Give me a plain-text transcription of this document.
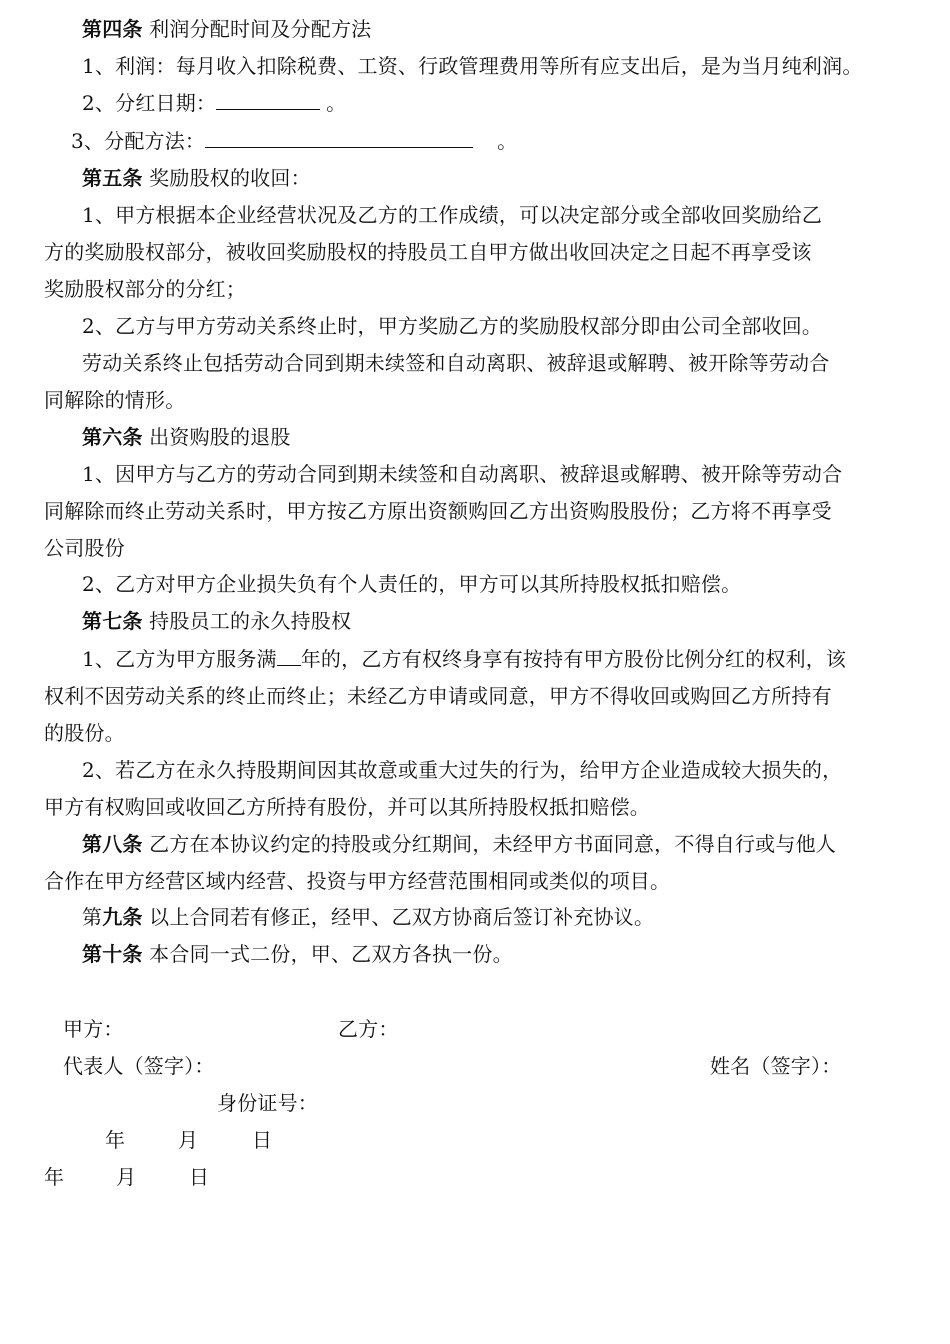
第四条 利润分配时间及分配方法
1、利润：每月收入扣除税费、工资、行政管理费用等所有应支出后，是为当月纯利润。
2、分红日期：	。
3、分配方法：	。
第五条 奖励股权的收回：
1、甲方根据本企业经营状况及乙方的工作成绩，可以决定部分或全部收回奖励给乙
方的奖励股权部分，被收回奖励股权的持股员工自甲方做出收回决定之日起不再享受该
奖励股权部分的分红；
2、乙方与甲方劳动关系终止时，甲方奖励乙方的奖励股权部分即由公司全部收回。
劳动关系终止包括劳动合同到期未续签和自动离职、被辞退或解聘、被开除等劳动合
同解除的情形。
第六条 出资购股的退股
1、因甲方与乙方的劳动合同到期未续签和自动离职、被辞退或解聘、被开除等劳动合
同解除而终止劳动关系时，甲方按乙方原出资额购回乙方出资购股股份；乙方将不再享受
公司股份
2、乙方对甲方企业损失负有个人责任的，甲方可以其所持股权抵扣赔偿。
第七条 持股员工的永久持股权
1、乙方为甲方服务满 年的，乙方有权终身享有按持有甲方股份比例分红的权利，该
权利不因劳动关系的终止而终止；未经乙方申请或同意，甲方不得收回或购回乙方所持有
的股份。
2、若乙方在永久持股期间因其故意或重大过失的行为，给甲方企业造成较大损失的，
甲方有权购回或收回乙方所持有股份，并可以其所持股权抵扣赔偿。
第八条 乙方在本协议约定的持股或分红期间，未经甲方书面同意，不得自行或与他人
合作在甲方经营区域内经营、投资与甲方经营范围相同或类似的项目。
第九条 以上合同若有修正，经甲、乙双方协商后签订补充协议。
第十条 本合同一式二份，甲、乙双方各执一份。
甲方：	乙方：
代表人（签字）：	姓名（签字）：
身份证号：
年	月	日
年	月	日
